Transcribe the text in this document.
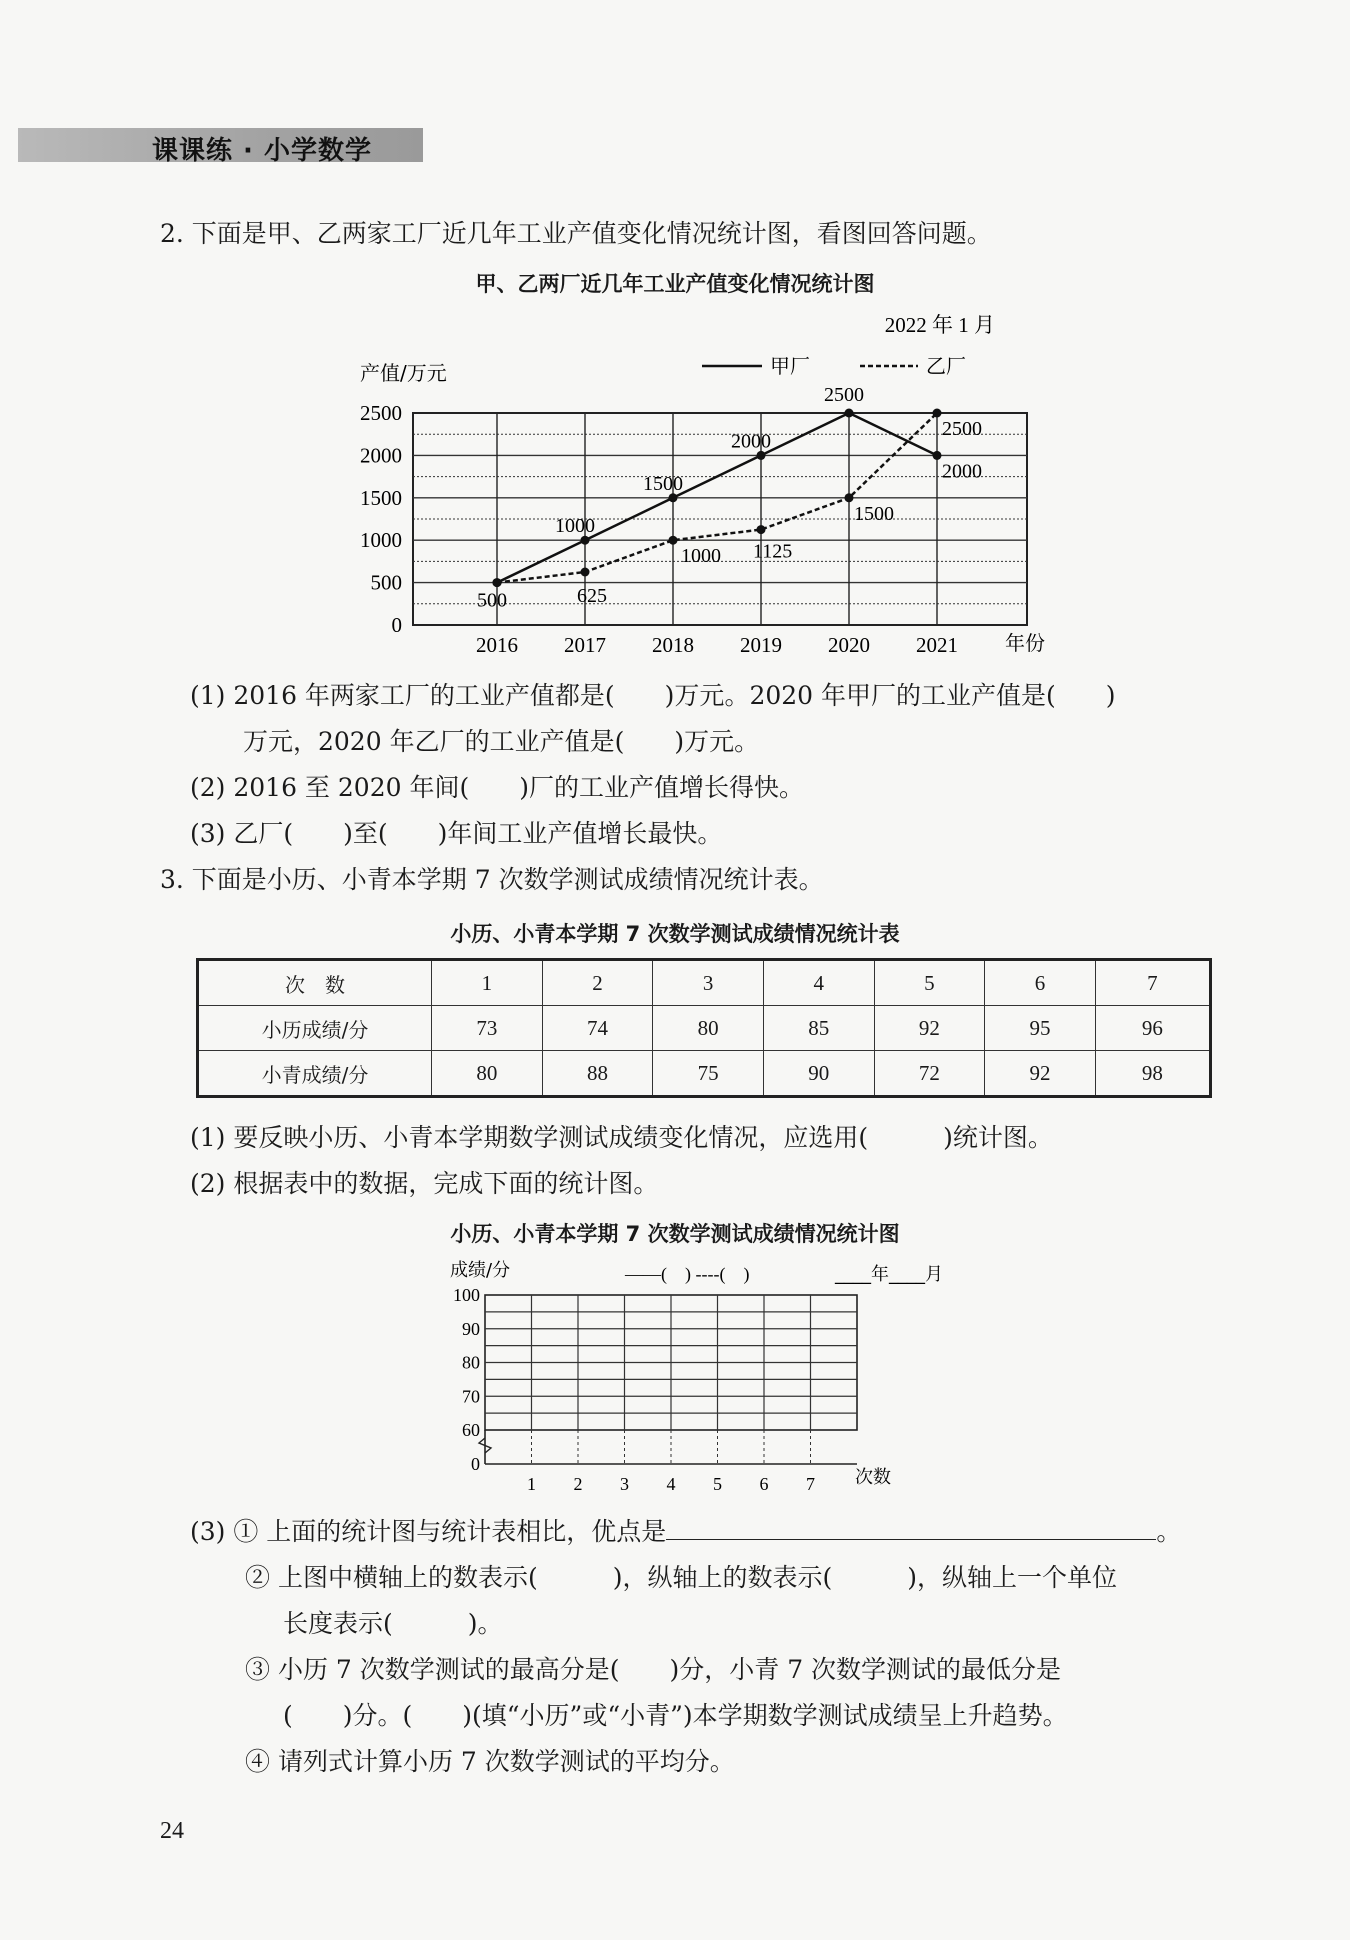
课课练 · 小学数学
2. 下面是甲、乙两家工厂近几年工业产值变化情况统计图，看图回答问题。
甲、乙两厂近几年工业产值变化情况统计图
2022 年 1 月
产值/万元	甲厂	乙厂
0
500
1000
1500
2000
2500
2016 2017 2018 2019 2020 2021 年份
500
1000
1500
2000
2500
2000
625
1000 1125
1500
2500
(1) 2016 年两家工厂的工业产值都是(　　)万元。2020 年甲厂的工业产值是(　　)
万元，2020 年乙厂的工业产值是(　　)万元。
(2) 2016 至 2020 年间(　　)厂的工业产值增长得快。
(3) 乙厂(　　)至(　　)年间工业产值增长最快。
3. 下面是小历、小青本学期 7 次数学测试成绩情况统计表。
小历、小青本学期 7 次数学测试成绩情况统计表
次　数	1	2	3	4	5	6	7
小历成绩/分	73	74	80	85	92	95	96
小青成绩/分	80	88	75	90	72	92	98
(1) 要反映小历、小青本学期数学测试成绩变化情况，应选用(　　　)统计图。
(2) 根据表中的数据，完成下面的统计图。
小历、小青本学期 7 次数学测试成绩情况统计图
成绩/分	——(　) ----(　)	____年____月
0
60
70
80
90
100
1 2 3 4 5 6 7 次数
(3) ① 上面的统计图与统计表相比，优点是	。
② 上图中横轴上的数表示(　　　)，纵轴上的数表示(　　　)，纵轴上一个单位
长度表示(　　　)。
③ 小历 7 次数学测试的最高分是(　　)分，小青 7 次数学测试的最低分是
(　　)分。(　　)(填“小历”或“小青”)本学期数学测试成绩呈上升趋势。
④ 请列式计算小历 7 次数学测试的平均分。
24
